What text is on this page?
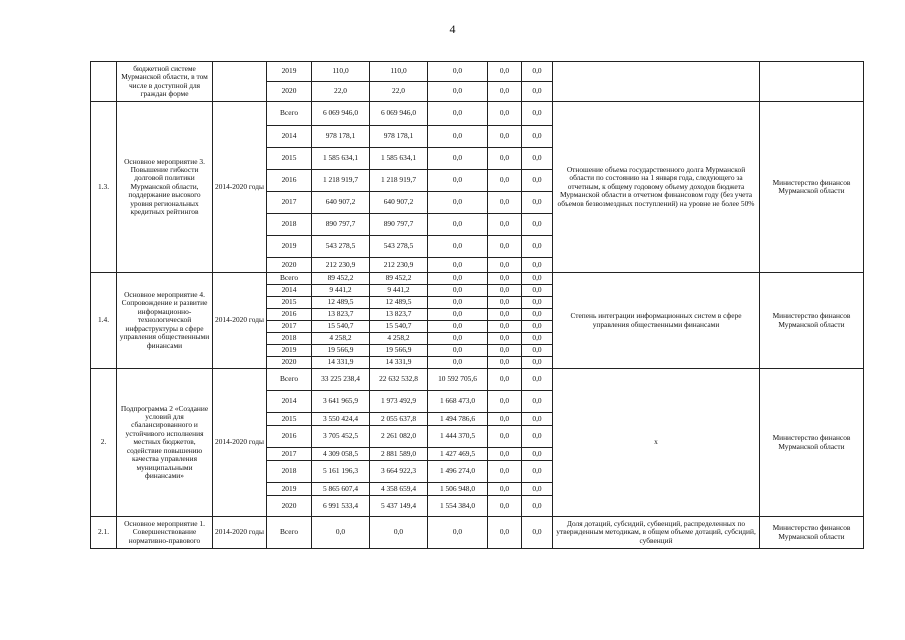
4
	бюджетной системе Мурманской области, в том числе в доступной для граждан форме		2019	110,0	110,0	0,0	0,0	0,0		
			2020	22,0	22,0	0,0	0,0	0,0		
1.3.	Основное мероприятие 3. Повышение гибкости долговой политики Мурманской области, поддержание высокого уровня региональных кредитных рейтингов	2014-2020 годы	Всего	6 069 946,0	6 069 946,0	0,0	0,0	0,0	Отношение объема государственного долга Мурманской области по состоянию на 1 января года, следующего за отчетным, к общему годовому объему доходов бюджета Мурманской области в отчетном финансовом году (без учета объемов безвозмездных поступлений) на уровне не более 50%	Министерство финансов Мурманской области
			2014	978 178,1	978 178,1	0,0	0,0	0,0		
			2015	1 585 634,1	1 585 634,1	0,0	0,0	0,0		
			2016	1 218 919,7	1 218 919,7	0,0	0,0	0,0		
			2017	640 907,2	640 907,2	0,0	0,0	0,0		
			2018	890 797,7	890 797,7	0,0	0,0	0,0		
			2019	543 278,5	543 278,5	0,0	0,0	0,0		
			2020	212 230,9	212 230,9	0,0	0,0	0,0		
1.4.	Основное мероприятие 4. Сопровождение и развитие информационно-технологической инфраструктуры в сфере управления общественными финансами	2014-2020 годы	Всего	89 452,2	89 452,2	0,0	0,0	0,0	Степень интеграции информационных систем в сфере управления общественными финансами	Министерство финансов Мурманской области
			2014	9 441,2	9 441,2	0,0	0,0	0,0		
			2015	12 489,5	12 489,5	0,0	0,0	0,0		
			2016	13 823,7	13 823,7	0,0	0,0	0,0		
			2017	15 540,7	15 540,7	0,0	0,0	0,0		
			2018	4 258,2	4 258,2	0,0	0,0	0,0		
			2019	19 566,9	19 566,9	0,0	0,0	0,0		
			2020	14 331,9	14 331,9	0,0	0,0	0,0		
2.	Подпрограмма 2 «Создание условий для сбалансированного и устойчивого исполнения местных бюджетов, содействие повышению качества управления муниципальными финансами»	2014-2020 годы	Всего	33 225 238,4	22 632 532,8	10 592 705,6	0,0	0,0	х	Министерство финансов Мурманской области
			2014	3 641 965,9	1 973 492,9	1 668 473,0	0,0	0,0		
			2015	3 550 424,4	2 055 637,8	1 494 786,6	0,0	0,0		
			2016	3 705 452,5	2 261 082,0	1 444 370,5	0,0	0,0		
			2017	4 309 058,5	2 881 589,0	1 427 469,5	0,0	0,0		
			2018	5 161 196,3	3 664 922,3	1 496 274,0	0,0	0,0		
			2019	5 865 607,4	4 358 659,4	1 506 948,0	0,0	0,0		
			2020	6 991 533,4	5 437 149,4	1 554 384,0	0,0	0,0		
2.1.	Основное мероприятие 1. Совершенствование нормативно-правового	2014-2020 годы	Всего	0,0	0,0	0,0	0,0	0,0	Доля дотаций, субсидий, субвенций, распределенных по утвержденным методикам, в общем объеме дотаций, субсидий, субвенций	Министерство финансов Мурманской области
